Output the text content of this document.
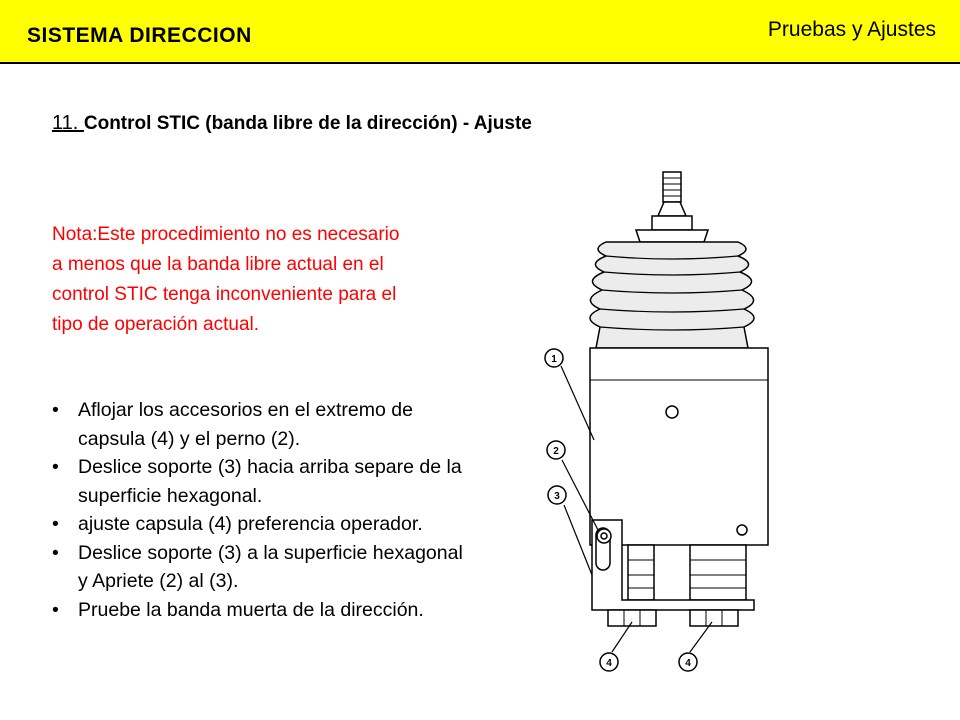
SISTEMA DIRECCION	Pruebas y Ajustes
11. Control STIC (banda libre de la dirección) - Ajuste
Nota:Este procedimiento no es necesario a menos que la banda libre actual en el control STIC tenga inconveniente para el tipo de operación actual.
• Aflojar los accesorios en el extremo de capsula (4) y el perno (2).
• Deslice soporte (3) hacia arriba separe de la superficie hexagonal.
• ajuste capsula (4) preferencia operador.
• Deslice soporte (3) a la superficie hexagonal y Apriete (2) al (3).
• Pruebe la banda muerta de la dirección.
1
2
3
4	4
